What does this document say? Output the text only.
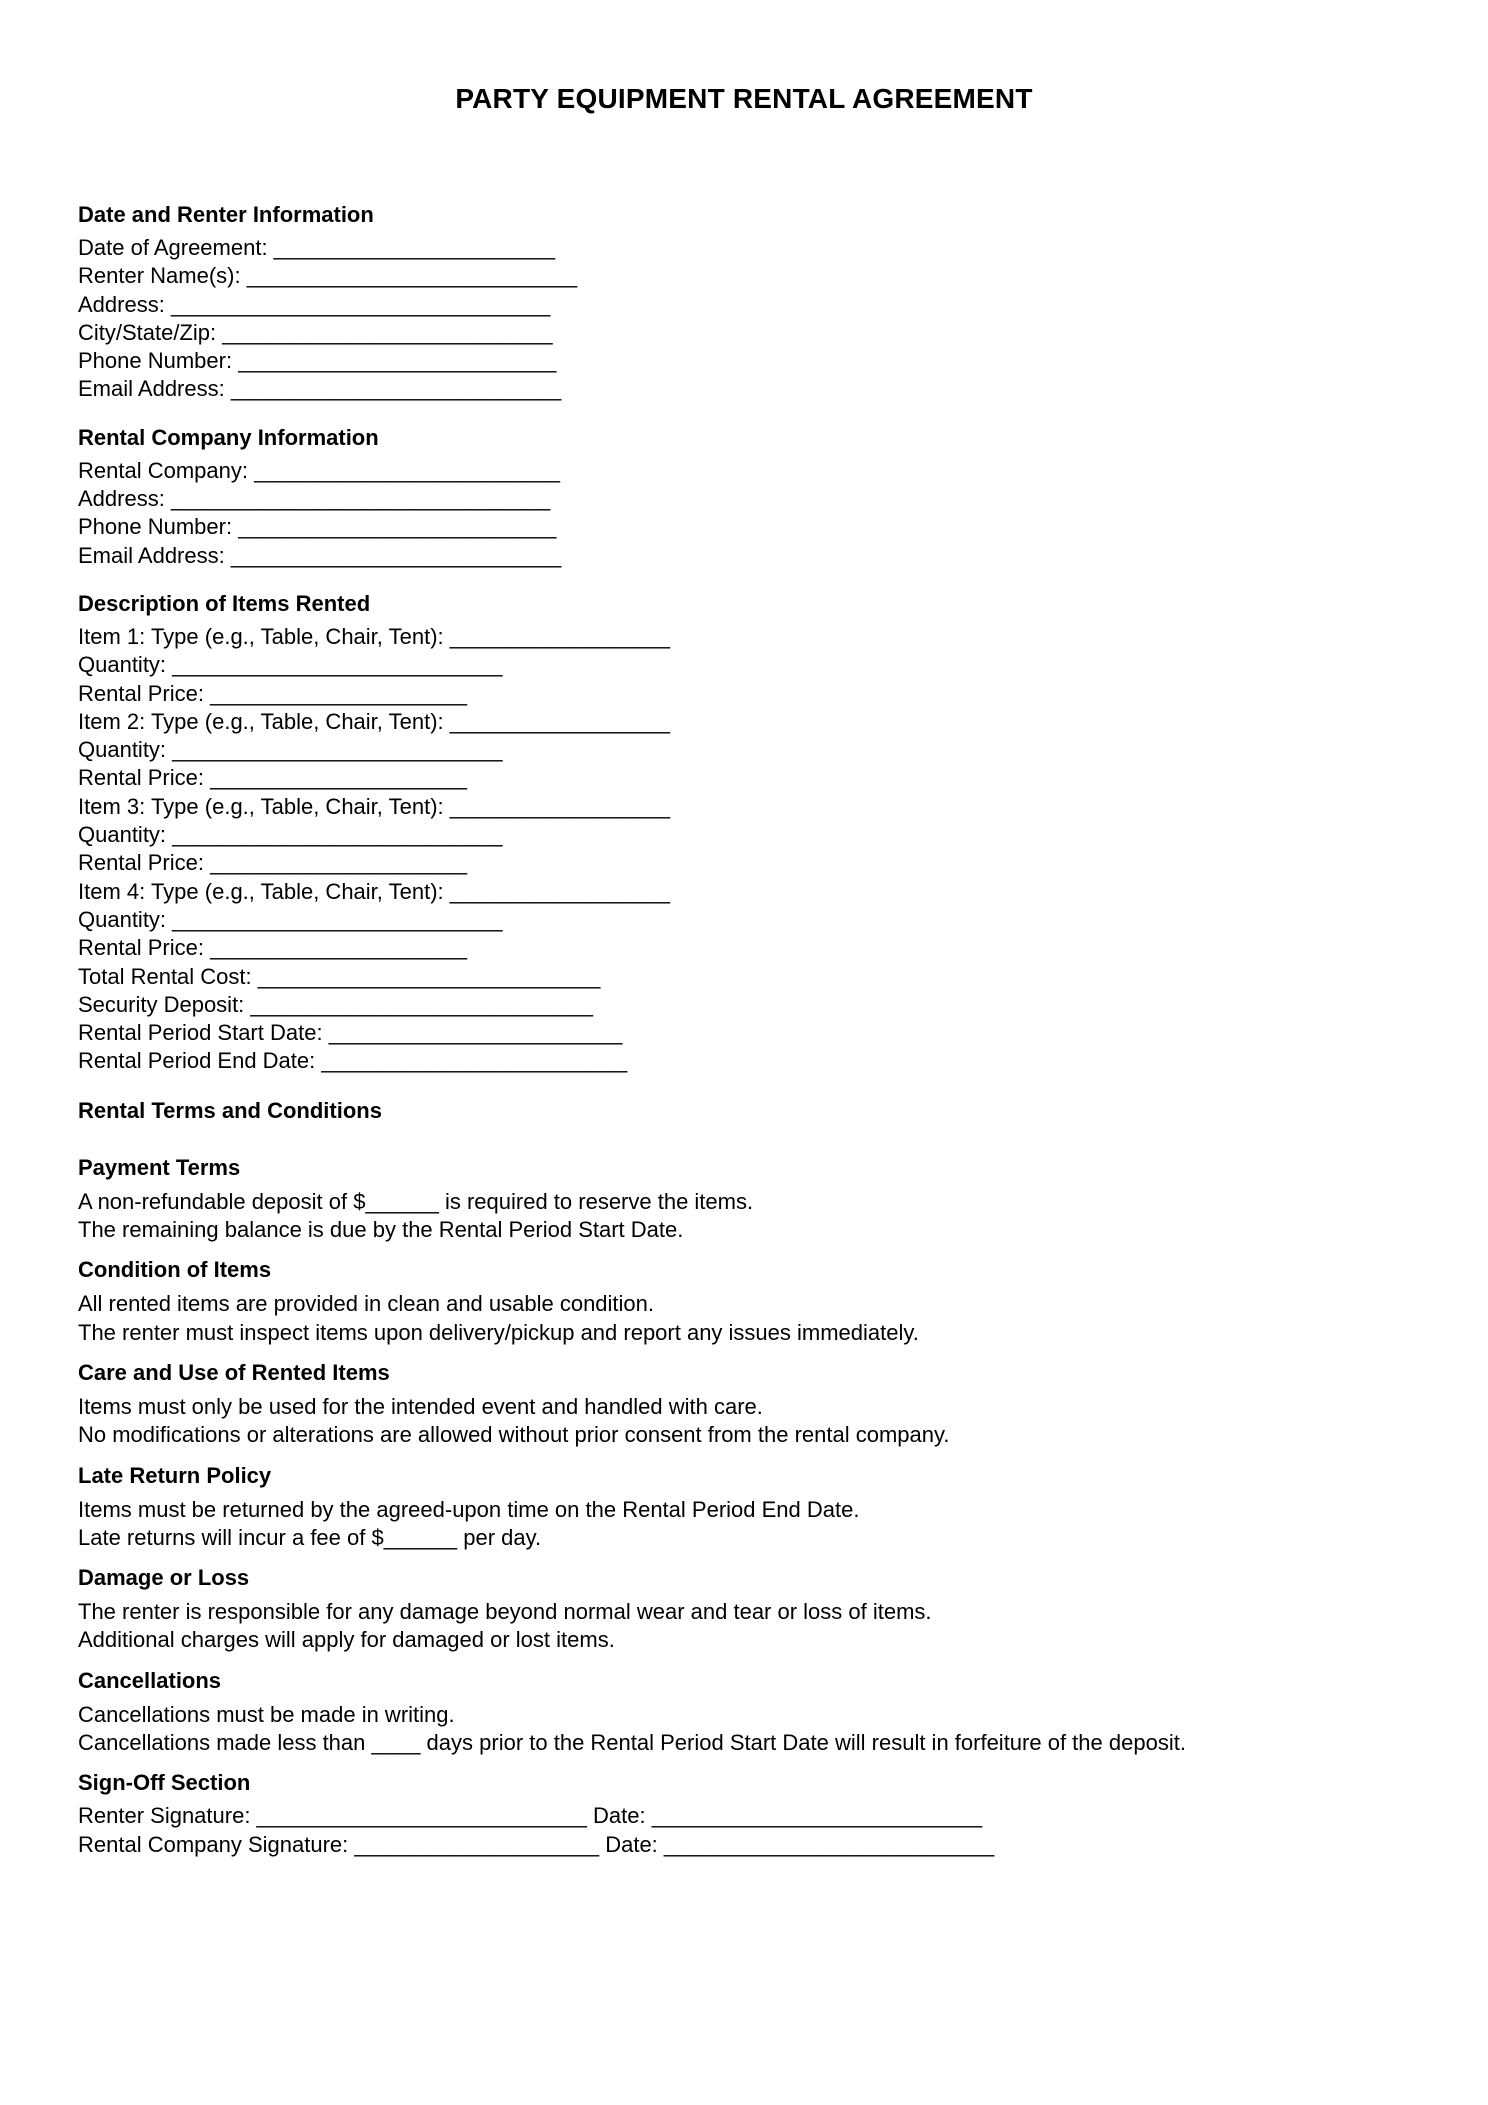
PARTY EQUIPMENT RENTAL AGREEMENT
Date and Renter Information
Date of Agreement: _______________________
Renter Name(s): ___________________________
Address: _______________________________
City/State/Zip: ___________________________
Phone Number: __________________________
Email Address: ___________________________
Rental Company Information
Rental Company: _________________________
Address: _______________________________
Phone Number: __________________________
Email Address: ___________________________
Description of Items Rented
Item 1: Type (e.g., Table, Chair, Tent): __________________
Quantity: ___________________________
Rental Price: _____________________
Item 2: Type (e.g., Table, Chair, Tent): __________________
Quantity: ___________________________
Rental Price: _____________________
Item 3: Type (e.g., Table, Chair, Tent): __________________
Quantity: ___________________________
Rental Price: _____________________
Item 4: Type (e.g., Table, Chair, Tent): __________________
Quantity: ___________________________
Rental Price: _____________________
Total Rental Cost: ____________________________
Security Deposit: ____________________________
Rental Period Start Date: ________________________
Rental Period End Date: _________________________
Rental Terms and Conditions
Payment Terms
A non-refundable deposit of $______ is required to reserve the items.
The remaining balance is due by the Rental Period Start Date.
Condition of Items
All rented items are provided in clean and usable condition.
The renter must inspect items upon delivery/pickup and report any issues immediately.
Care and Use of Rented Items
Items must only be used for the intended event and handled with care.
No modifications or alterations are allowed without prior consent from the rental company.
Late Return Policy
Items must be returned by the agreed-upon time on the Rental Period End Date.
Late returns will incur a fee of $______ per day.
Damage or Loss
The renter is responsible for any damage beyond normal wear and tear or loss of items.
Additional charges will apply for damaged or lost items.
Cancellations
Cancellations must be made in writing.
Cancellations made less than ____ days prior to the Rental Period Start Date will result in forfeiture of the deposit.
Sign-Off Section
Renter Signature: ___________________________ Date: ___________________________
Rental Company Signature: ____________________ Date: ___________________________
